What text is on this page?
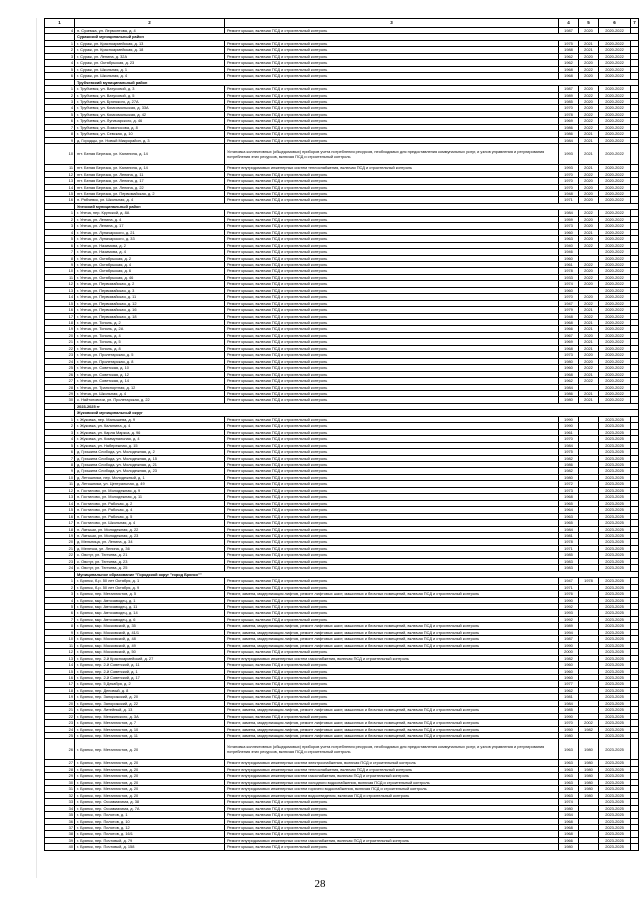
1	2	3	4	5	6	7
4	п. Суземка, ул. Лермонтова, д. 4	Ремонт крыши, включая ПСД и строительный контроль	1987	2020	2020-2022	
	Суражский муниципальный район					
1	г. Сураж, ул. Красноармейская, д. 13	Ремонт крыши, включая ПСД и строительный контроль	1975	2021	2020-2022	
2	г. Сураж, ул. Красноармейская, д. 18	Ремонт крыши, включая ПСД и строительный контроль	1988	2021	2020-2022	
3	г. Сураж, ул. Ленина, д. 32А	Ремонт крыши, включая ПСД и строительный контроль	1962	2020	2020-2022	
4	г. Сураж, ул. Октябрьская, д. 23	Ремонт крыши, включая ПСД и строительный контроль	1962	2020	2020-2022	
5	г. Сураж, ул. Школьная, д. 1	Ремонт крыши, включая ПСД и строительный контроль	1968	2022	2020-2022	
6	г. Сураж, ул. Школьная, д. 4	Ремонт крыши, включая ПСД и строительный контроль	1968	2020	2020-2022	
	Трубчевский муниципальный район					
1	г. Трубчевск, ул. Ватусовой, д. 3	Ремонт крыши, включая ПСД и строительный контроль	1987	2020	2020-2022	
2	г. Трубчевск, ул. Ватусовой, д. 5	Ремонт крыши, включая ПСД и строительный контроль	1989	2022	2020-2022	
3	г. Трубчевск, ул. Брянского, д. 27А	Ремонт крыши, включая ПСД и строительный контроль	1985	2020	2020-2022	
4	г. Трубчевск, ул. Комсомольская, д. 33А	Ремонт крыши, включая ПСД и строительный контроль	1970	2020	2020-2022	
5	г. Трубчевск, ул. Комсомольская, д. 42	Ремонт крыши, включая ПСД и строительный контроль	1978	2022	2020-2022	
6	г. Трубчевск, ул. Луначарского, д. 46	Ремонт крыши, включая ПСД и строительный контроль	1969	2022	2020-2022	
7	г. Трубчевск, ул. Ломоносова, д. 8	Ремонт крыши, включая ПСД и строительный контроль	1986	2022	2020-2022	
8	г. Трубчевск, ул. Севская, д. 10	Ремонт крыши, включая ПСД и строительный контроль	1986	2021	2020-2022	
9	д. Городцы, ул. Новый Микрорайон, д. 3	Ремонт крыши, включая ПСД и строительный контроль	1984	2021	2020-2022	
10	пгт. Белая Березка, ул. Калинина, д. 14	Установка коллективных (общедомовых) приборов учета потребления ресурсов, необходимых для предоставления коммунальных услуг, и узлов управления и регулирования потребления этих ресурсов, включая ПСД и строительный контроль	1993	2021	2020-2022	
11	пгт. Белая Березка, ул. Калинина, д. 14	Ремонт внутридомовых инженерных систем теплоснабжения, включая ПСД и строительный контроль	1993	2021	2020-2022	
12	пгт. Белая Березка, ул. Ленина, д. 11	Ремонт крыши, включая ПСД и строительный контроль	1970	2022	2020-2022	
13	пгт. Белая Березка, ул. Ленина, д. 17	Ремонт крыши, включая ПСД и строительный контроль	1970	2020	2020-2022	
14	пгт. Белая Березка, ул. Ленина, д. 22	Ремонт крыши, включая ПСД и строительный контроль	1970	2020	2020-2022	
15	пгт. Белая Березка, ул. Первомайская, д. 2	Ремонт крыши, включая ПСД и строительный контроль	1948	2020	2020-2022	
16	п. Рябчевск, ул. Школьная, д. 4	Ремонт крыши, включая ПСД и строительный контроль	1971	2020	2020-2022	
	Унечский муниципальный район					
1	г. Унеча, пер. Крупской, д. 8А	Ремонт крыши, включая ПСД и строительный контроль	1984	2022	2020-2022	
2	г. Унеча, ул. Ленина, д. 4	Ремонт крыши, включая ПСД и строительный контроль	1959	2020	2020-2022	
3	г. Унеча, ул. Ленина, д. 17	Ремонт крыши, включая ПСД и строительный контроль	1973	2020	2020-2022	
4	г. Унеча, ул. Луначарского, д. 21	Ремонт крыши, включая ПСД и строительный контроль	1960	2021	2020-2022	
5	г. Унеча, ул. Луначарского, д. 33	Ремонт крыши, включая ПСД и строительный контроль	1963	2020	2020-2022	
6	г. Унеча, ул. Назимова, д. 2	Ремонт крыши, включая ПСД и строительный контроль	1940	2022	2020-2022	
7	г. Унеча, ул. Назимова, д. 4	Ремонт крыши, включая ПСД и строительный контроль	1946		2020-2022	
8	г. Унеча, ул. Октябрьская, д. 2	Ремонт крыши, включая ПСД и строительный контроль	1960		2020-2022	
9	г. Унеча, ул. Октябрьская, д. 4	Ремонт крыши, включая ПСД и строительный контроль	1961	2022	2020-2022	
10	г. Унеча, ул. Октябрьская, д. 6	Ремонт крыши, включая ПСД и строительный контроль	1978	2020	2020-2022	
11	г. Унеча, ул. Октябрьская, д. 46	Ремонт крыши, включая ПСД и строительный контроль	1933	2022	2020-2022	
12	г. Унеча, ул. Первомайская, д. 2	Ремонт крыши, включая ПСД и строительный контроль	1974	2020	2020-2022	
13	г. Унеча, ул. Первомайская, д. 3	Ремонт крыши, включая ПСД и строительный контроль	1960		2020-2022	
14	г. Унеча, ул. Первомайская, д. 11	Ремонт крыши, включая ПСД и строительный контроль	1970	2020	2020-2022	
15	г. Унеча, ул. Первомайская, д. 12	Ремонт крыши, включая ПСД и строительный контроль	1947	2022	2020-2022	
16	г. Унеча, ул. Первомайская, д. 16	Ремонт крыши, включая ПСД и строительный контроль	1979	2021	2020-2022	
17	г. Унеча, ул. Первомайская, д. 18	Ремонт крыши, включая ПСД и строительный контроль	1948	2022	2020-2022	
18	г. Унеча, ул. Тополь, д. 2	Ремонт крыши, включая ПСД и строительный контроль	1968	2021	2020-2022	
19	г. Унеча, ул. Тополь, д. 2А	Ремонт крыши, включая ПСД и строительный контроль	1966	2021	2020-2022	
20	г. Унеча, ул. Тополь, д. 4	Ремонт крыши, включая ПСД и строительный контроль	1967	2020	2020-2022	
21	г. Унеча, ул. Тополь, д. 5	Ремонт крыши, включая ПСД и строительный контроль	1969	2021	2020-2022	
22	г. Унеча, ул. Тополь, д. 8	Ремонт крыши, включая ПСД и строительный контроль	1968	2021	2020-2022	
23	г. Унеча, ул. Пролетарская, д. 5	Ремонт крыши, включая ПСД и строительный контроль	1973	2020	2020-2022	
24	г. Унеча, ул. Пролетарская, д. 8	Ремонт крыши, включая ПСД и строительный контроль	1980	2020	2020-2022	
25	г. Унеча, ул. Советская, д. 10	Ремонт крыши, включая ПСД и строительный контроль	1960	2022	2020-2022	
26	г. Унеча, ул. Советская, д. 12	Ремонт крыши, включая ПСД и строительный контроль	1968	2021	2020-2022	
27	г. Унеча, ул. Советская, д. 14	Ремонт крыши, включая ПСД и строительный контроль	1962	2022	2020-2022	
28	г. Унеча, ул. Транспортная, д. 12	Ремонт крыши, включая ПСД и строительный контроль	1984		2020-2022	
29	г. Унеча, ул. Школьная, д. 4	Ремонт крыши, включая ПСД и строительный контроль	1986	2021	2020-2022	
30	с. Найтоповичи, ул. Пролетарская, д. 22	Ремонт крыши, включая ПСД и строительный контроль	1980	2021	2020-2022	
	2023-2025 гг					
	Жуковский муниципальный округ					
1	г. Жуковка, пер. Малышева, д. 9	Ремонт крыши, включая ПСД и строительный контроль	1990		2023-2025	
2	г. Жуковка, ул. Калинина, д. 4	Ремонт крыши, включая ПСД и строительный контроль	1990		2023-2025	
3	г. Жуковка, ул. Карла Маркса, д. 96	Ремонт крыши, включая ПСД и строительный контроль	1961		2023-2025	
4	г. Жуковка, ул. Коммунальная, д. 4	Ремонт крыши, включая ПСД и строительный контроль	1970		2023-2025	
5	г. Жуковка, ул. Набережная, д. 15	Ремонт крыши, включая ПСД и строительный контроль	1984		2023-2025	
6	д. Гришина Слобода, ул. Молодежная, д. 2	Ремонт крыши, включая ПСД и строительный контроль	1975		2023-2025	
7	д. Гришина Слобода, ул. Молодежная, д. 15	Ремонт крыши, включая ПСД и строительный контроль	1982		2023-2025	
8	д. Гришина Слобода, ул. Молодежная, д. 21	Ремонт крыши, включая ПСД и строительный контроль	1986		2023-2025	
9	д. Гришина Слобода, ул. Молодежная, д. 23	Ремонт крыши, включая ПСД и строительный контроль	1982		2023-2025	
10	д. Летошники, пер. Молодежный, д. 1	Ремонт крыши, включая ПСД и строительный контроль	1980		2023-2025	
11	д. Летошники, ул. Центральная, д. 49	Ремонт крыши, включая ПСД и строительный контроль	1972		2023-2025	
12	п. Гостилово, ул. Молодежная, д. 9	Ремонт крыши, включая ПСД и строительный контроль	1973		2023-2025	
13	п. Гостилово, ул. Молодежная, д. 11	Ремонт крыши, включая ПСД и строительный контроль	1968		2023-2025	
14	п. Гостилово, ул. Рабочая, д. 2	Ремонт крыши, включая ПСД и строительный контроль	1965		2023-2025	
15	п. Гостилово, ул. Рабочая, д. 4	Ремонт крыши, включая ПСД и строительный контроль	1964		2023-2025	
16	п. Гостилово, ул. Рабочая, д. 5	Ремонт крыши, включая ПСД и строительный контроль	1963		2023-2025	
17	п. Гостилово, ул. Школьная, д. 4	Ремонт крыши, включая ПСД и строительный контроль	1965		2023-2025	
18	п. Латыши, ул. Молодежная, д. 22	Ремонт крыши, включая ПСД и строительный контроль	1984		2023-2025	
19	п. Латыши, ул. Молодежная, д. 23	Ремонт крыши, включая ПСД и строительный контроль	1981		2023-2025	
20	д. Мельница, ул. Ленина, д. 34	Ремонт крыши, включая ПСД и строительный контроль	1978		2023-2025	
21	д. Мелечка, ул. Ленина, д. 36	Ремонт крыши, включая ПСД и строительный контроль	1971		2023-2025	
22	с. Овстуг, ул. Тютчева, д. 21	Ремонт крыши, включая ПСД и строительный контроль	1985		2023-2025	
23	с. Овстуг, ул. Тютчева, д. 23	Ремонт крыши, включая ПСД и строительный контроль	1983		2023-2025	
24	с. Овстуг, ул. Тютчева, д. 25	Ремонт крыши, включая ПСД и строительный контроль	1983		2023-2025	
	Муниципальное образование "Городской округ "город Брянск""					
1	г. Брянск, б-р. 50 лет Октября, д. 1	Ремонт крыши, включая ПСД и строительный контроль	1947	1978	2023-2025	
2	г. Брянск, б-р. 50 лет Октября, д. 9	Ремонт крыши, включая ПСД и строительный контроль	1971		2023-2025	
3	г. Брянск, пер. Металлистов, д. 5	Ремонт, замена, модернизация лифтов, ремонт лифтовых шахт, машинных и блочных помещений, включая ПСД и строительный контроль	1976		2023-2025	
4	г. Брянск, мкр. Автозаводец, д. 1	Ремонт крыши, включая ПСД и строительный контроль	1990		2023-2025	
5	г. Брянск, мкр. Автозаводец, д. 11	Ремонт крыши, включая ПСД и строительный контроль	1992		2023-2025	
6	г. Брянск, мкр. Автозаводец, д. 14	Ремонт крыши, включая ПСД и строительный контроль	1993		2023-2025	
7	г. Брянск, мкр. Автозаводец, д. 6	Ремонт крыши, включая ПСД и строительный контроль	1992		2023-2025	
8	г. Брянск, мкр. Московский, д. 35	Ремонт, замена, модернизация лифтов, ремонт лифтовых шахт, машинных и блочных помещений, включая ПСД и строительный контроль	1989		2023-2025	
9	г. Брянск, мкр. Московский, д. 41/1	Ремонт, замена, модернизация лифтов, ремонт лифтовых шахт, машинных и блочных помещений, включая ПСД и строительный контроль	1994		2023-2025	
10	г. Брянск, мкр. Московский, д. 48	Ремонт, замена, модернизация лифтов, ремонт лифтовых шахт, машинных и блочных помещений, включая ПСД и строительный контроль	1987		2023-2025	
11	г. Брянск, мкр. Московский, д. 49	Ремонт, замена, модернизация лифтов, ремонт лифтовых шахт, машинных и блочных помещений, включая ПСД и строительный контроль	1990		2023-2025	
12	г. Брянск, мкр. Московский, д. 50	Ремонт крыши, включая ПСД и строительный контроль	2000		2023-2025	
13	г. Брянск, пер. 2-й Красноармейский, д. 27	Ремонт внутридомовых инженерных систем газоснабжения, включая ПСД и строительный контроль	1982		2023-2025	
14	г. Брянск, пер. 2-й Советский, д. 11	Ремонт крыши, включая ПСД и строительный контроль	1960		2023-2025	
15	г. Брянск, пер. 2-й Советский, д. 1	Ремонт крыши, включая ПСД и строительный контроль	1960		2023-2025	
16	г. Брянск, пер. 2-й Советский, д. 17	Ремонт крыши, включая ПСД и строительный контроль	1960		2023-2025	
17	г. Брянск, пер. 5 Декабря, д. 2	Ремонт крыши, включая ПСД и строительный контроль	1977		2023-2025	
18	г. Брянск, пер. Деповый, д. 8	Ремонт крыши, включая ПСД и строительный контроль	1962		2023-2025	
19	г. Брянск, пер. Запорожский, д. 20	Ремонт крыши, включая ПСД и строительный контроль	1981		2023-2025	
20	г. Брянск, пер. Запорожский, д. 22	Ремонт крыши, включая ПСД и строительный контроль	1984		2023-2025	
21	г. Брянск, пер. Литейный, д. 13	Ремонт, замена, модернизация лифтов, ремонт лифтовых шахт, машинных и блочных помещений, включая ПСД и строительный контроль	1985		2023-2025	
22	г. Брянск, пер. Менжинского, д. 3А	Ремонт крыши, включая ПСД и строительный контроль	1990		2023-2025	
23	г. Брянск, пер. Металлистов, д. 7	Ремонт, замена, модернизация лифтов, ремонт лифтовых шахт, машинных и блочных помещений, включая ПСД и строительный контроль	1970	2002	2023-2025	
24	г. Брянск, пер. Металлистов, д. 10	Ремонт, замена, модернизация лифтов, ремонт лифтовых шахт, машинных и блочных помещений, включая ПСД и строительный контроль	1950	1982	2023-2025	
25	г. Брянск, пер. Металлистов, д. 11	Ремонт, замена, модернизация лифтов, ремонт лифтовых шахт, машинных и блочных помещений, включая ПСД и строительный контроль	1980		2023-2025	
26	г. Брянск, пер. Металлистов, д. 20	Установка коллективных (общедомовых) приборов учета потребления ресурсов, необходимых для предоставления коммунальных услуг, и узлов управления и регулирования потребления этих ресурсов, включая ПСД и строительный контроль	1963	1980	2023-2025	
27	г. Брянск, пер. Металлистов, д. 20	Ремонт внутридомовых инженерных систем электроснабжения, включая ПСД и строительный контроль	1963	1980	2023-2025	
28	г. Брянск, пер. Металлистов, д. 20	Ремонт внутридомовых инженерных систем теплоснабжения, включая ПСД и строительный контроль	1963	1980	2023-2025	
29	г. Брянск, пер. Металлистов, д. 20	Ремонт внутридомовых инженерных систем газоснабжения, включая ПСД и строительный контроль	1963	1980	2023-2025	
30	г. Брянск, пер. Металлистов, д. 20	Ремонт внутридомовых инженерных систем холодного водоснабжения, включая ПСД и строительный контроль	1963	1980	2023-2025	
31	г. Брянск, пер. Металлистов, д. 20	Ремонт внутридомовых инженерных систем горячего водоснабжения, включая ПСД и строительный контроль	1963	1980	2023-2025	
32	г. Брянск, пер. Металлистов, д. 20	Ремонт внутридомовых инженерных систем водоотведения, включая ПСД и строительный контроль	1963	1980	2023-2025	
33	г. Брянск, пер. Осоавиахима, д. 38	Ремонт крыши, включая ПСД и строительный контроль	1974		2023-2025	
34	г. Брянск, пер. Осоавиахима, д. 7А	Ремонт крыши, включая ПСД и строительный контроль	1980		2023-2025	
35	г. Брянск, пер. Пилотов, д. 1	Ремонт крыши, включая ПСД и строительный контроль	1954		2023-2025	
36	г. Брянск, пер. Пилотов, д. 10	Ремонт крыши, включая ПСД и строительный контроль	1968		2023-2025	
37	г. Брянск, пер. Пилотов, д. 12	Ремонт крыши, включая ПСД и строительный контроль	1968		2023-2025	
38	г. Брянск, пер. Пилотов, д. 16/1	Ремонт крыши, включая ПСД и строительный контроль	1968		2023-2025	
39	г. Брянск, пер. Почтовый, д. 79	Ремонт внутридомовых инженерных систем газоснабжения, включая ПСД и строительный контроль	1966		2023-2025	
40	г. Брянск, пер. Почтовый, д. 158	Ремонт крыши, включая ПСД и строительный контроль	1980		2023-2025	
28
